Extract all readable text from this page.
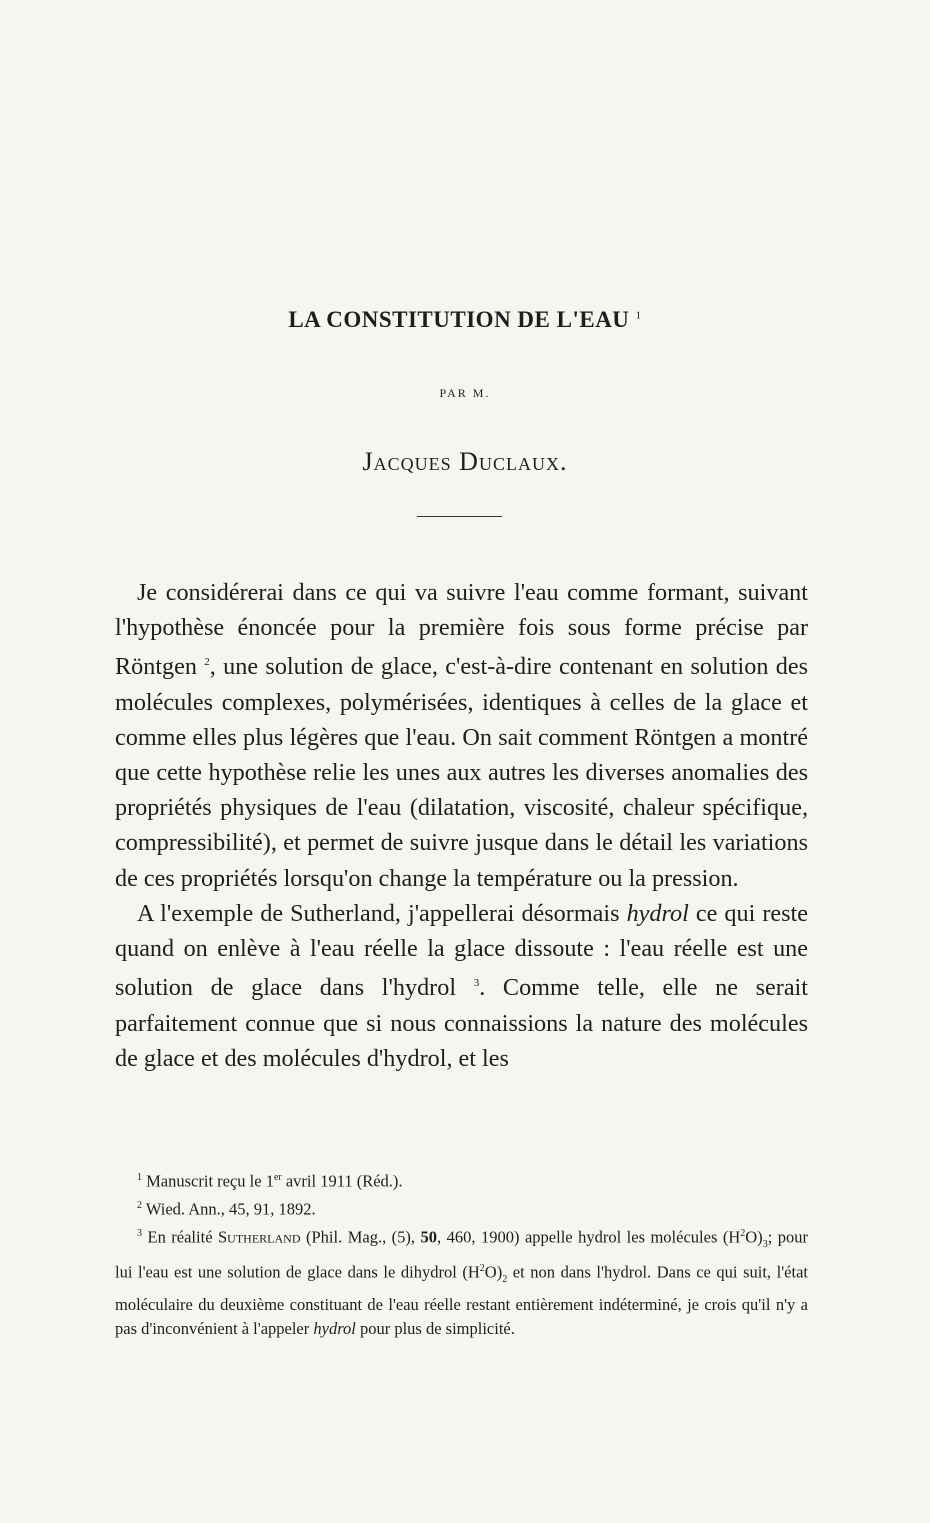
LA CONSTITUTION DE L'EAU $^1$
PAR M.
Jacques Duclaux.

Je considérerai dans ce qui va suivre l'eau comme formant, suivant l'hypothèse énoncée pour la première fois sous forme précise par Röntgen $^2$, une solution de glace, c'est-à-dire contenant en solution des molécules complexes, polymérisées, identiques à celles de la glace et comme elles plus légères que l'eau. On sait comment Röntgen a montré que cette hypothèse relie les unes aux autres les diverses anomalies des propriétés physiques de l'eau (dilatation, viscosité, chaleur spécifique, compressibilité), et permet de suivre jusque dans le détail les variations de ces propriétés lorsqu'on change la température ou la pression.

A l'exemple de Sutherland, j'appellerai désormais hydrol ce qui reste quand on enlève à l'eau réelle la glace dissoute : l'eau réelle est une solution de glace dans l'hydrol $^3$. Comme telle, elle ne serait parfaitement connue que si nous connaissions la nature des molécules de glace et des molécules d'hydrol, et les

$^1$ Manuscrit reçu le 1er avril 1911 (Réd.).

$^2$ Wied. Ann., 45, 91, 1892.

$^3$ En réalité Sutherland (Phil. Mag., (5), 50, 460, 1900) appelle hydrol les molécules $(H^2O)_3$; pour lui l'eau est une solution de glace dans le dihydrol $(H^2O)_2$ et non dans l'hydrol. Dans ce qui suit, l'état moléculaire du deuxième constituant de l'eau réelle restant entièrement indéterminé, je crois qu'il n'y a pas d'inconvénient à l'appeler hydrol pour plus de simplicité.
